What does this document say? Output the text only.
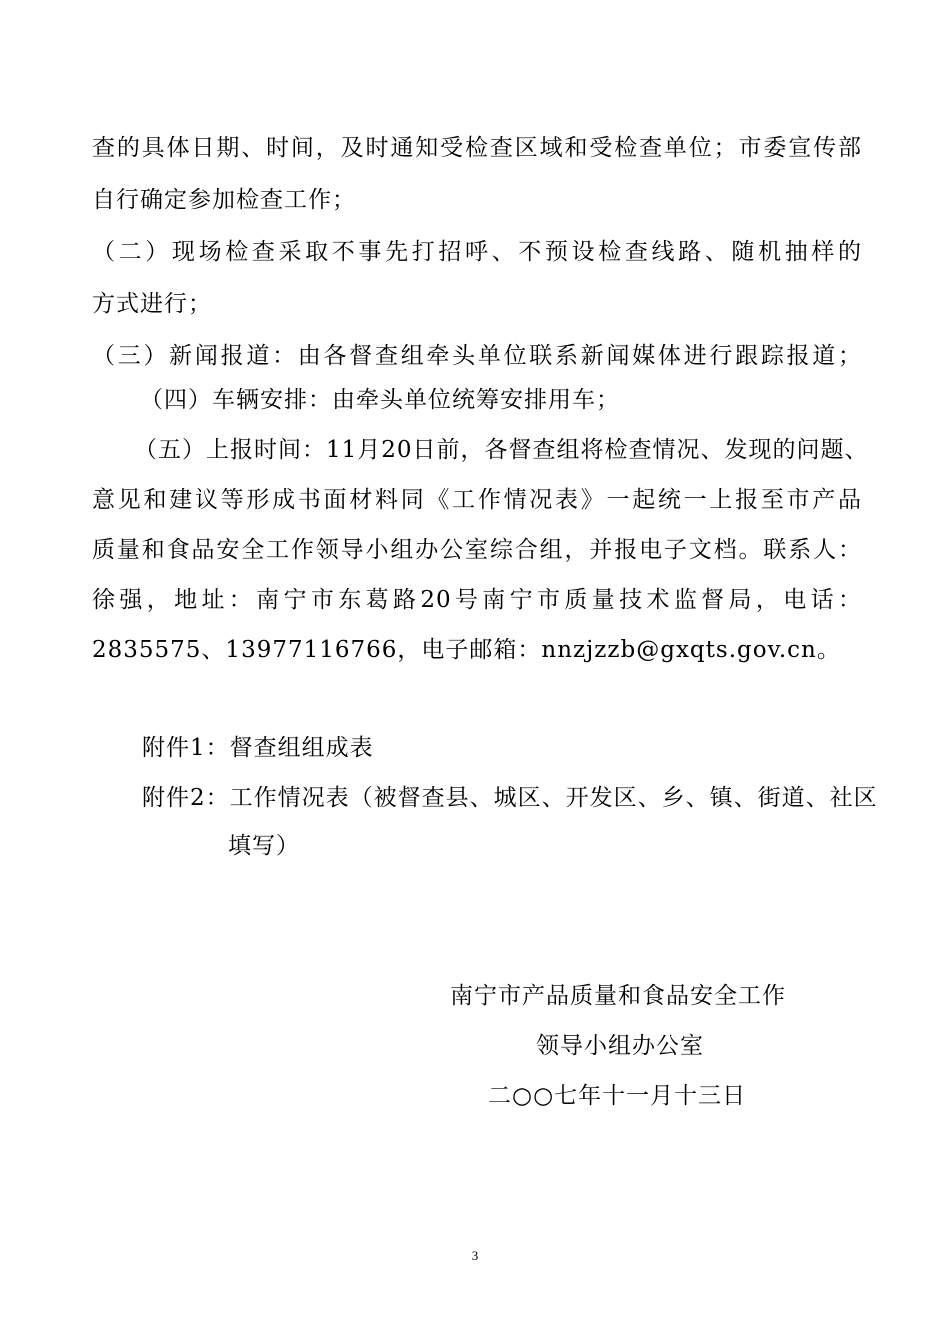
查的具体日期、时间，及时通知受检查区域和受检查单位；市委宣传部
自行确定参加检查工作；
（二）现场检查采取不事先打招呼、不预设检查线路、随机抽样的
方式进行；
（三）新闻报道：由各督查组牵头单位联系新闻媒体进行跟踪报道；
（四）车辆安排：由牵头单位统筹安排用车；
（五）上报时间：11月20日前，各督查组将检查情况、发现的问题、
意见和建议等形成书面材料同《工作情况表》一起统一上报至市产品
质量和食品安全工作领导小组办公室综合组，并报电子文档。联系人：
徐强，地址：南宁市东葛路20号南宁市质量技术监督局，电话：
2835575、13977116766，电子邮箱：nnzjzzb@gxqts.gov.cn。
附件1：督查组组成表
附件2：工作情况表（被督查县、城区、开发区、乡、镇、街道、社区
填写）
南宁市产品质量和食品安全工作
领导小组办公室
二○○七年十一月十三日
3
